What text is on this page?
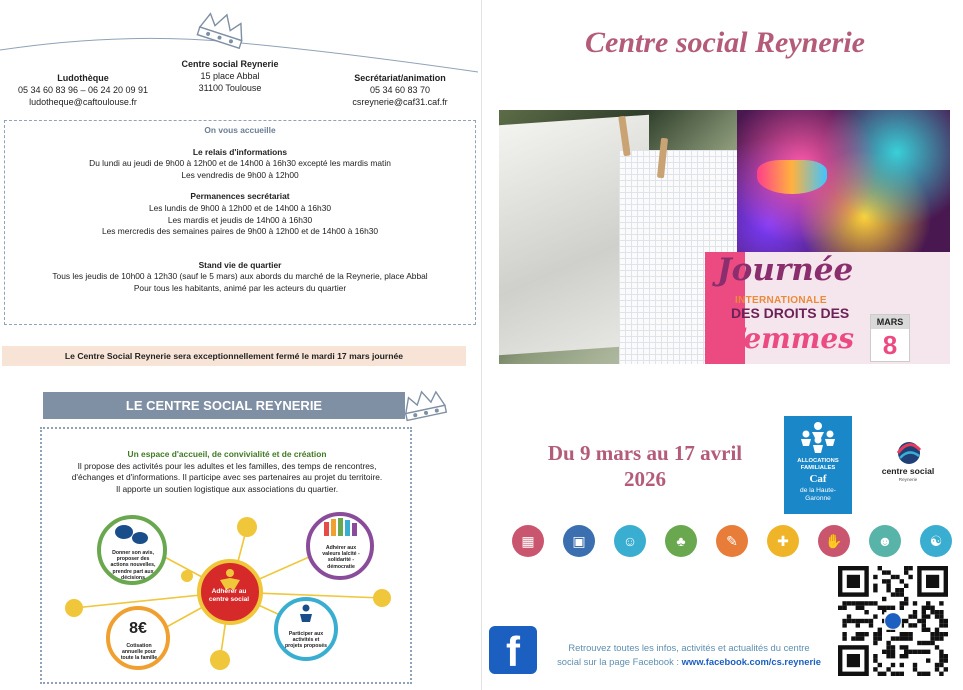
Ludothèque
05 34 60 83 96 – 06 24 20 09 91
ludotheque@caftoulouse.fr
Centre social Reynerie
15 place Abbal
31100 Toulouse
Secrétariat/animation
05 34 60 83 70
csreynerie@caf31.caf.fr
On vous accueille
Le relais d'informations
Du lundi au jeudi de 9h00 à 12h00 et de 14h00 à 16h30 excepté les mardis matin
Les vendredis de 9h00 à 12h00
Permanences secrétariat
Les lundis de 9h00 à 12h00 et de 14h00 à 16h30
Les mardis et jeudis de 14h00 à 16h30
Les mercredis des semaines paires de 9h00 à 12h00 et de 14h00 à 16h30
Stand vie de quartier
Tous les jeudis de 10h00 à 12h30 (sauf le 5 mars) aux abords du marché de la Reynerie, place Abbal
Pour tous les habitants, animé par les acteurs du quartier
Le Centre Social Reynerie sera exceptionnellement fermé le mardi 17 mars journée
LE CENTRE SOCIAL REYNERIE
Un espace d'accueil, de convivialité et de création
Il propose des activités pour les adultes et les familles, des temps de rencontres,
d'échanges et d'informations. Il participe avec ses partenaires au projet du territoire.
Il apporte un soutien logistique aux associations du quartier.
Donner son avis, proposer des actions nouvelles, prendre part aux décisions
Adhérer aux valeurs laïcité - solidarité - démocratie
Adhérer au centre social
8€
Cotisation annuelle pour toute la famille
Participer aux activités et projets proposés
Centre social Reynerie
Journée
INTERNATIONALE
DES DROITS DES
Femmes	MARS
8
Du 9 mars au 17 avril
2026
ALLOCATIONS FAMILIALES
Caf
de la Haute-
Garonne
centre social
Reynerie
▦	▣	☺	♣	✎	✚	✋	☻	☯
f	Retrouvez toutes les infos, activités et actualités du centre
social sur la page Facebook : www.facebook.com/cs.reynerie
